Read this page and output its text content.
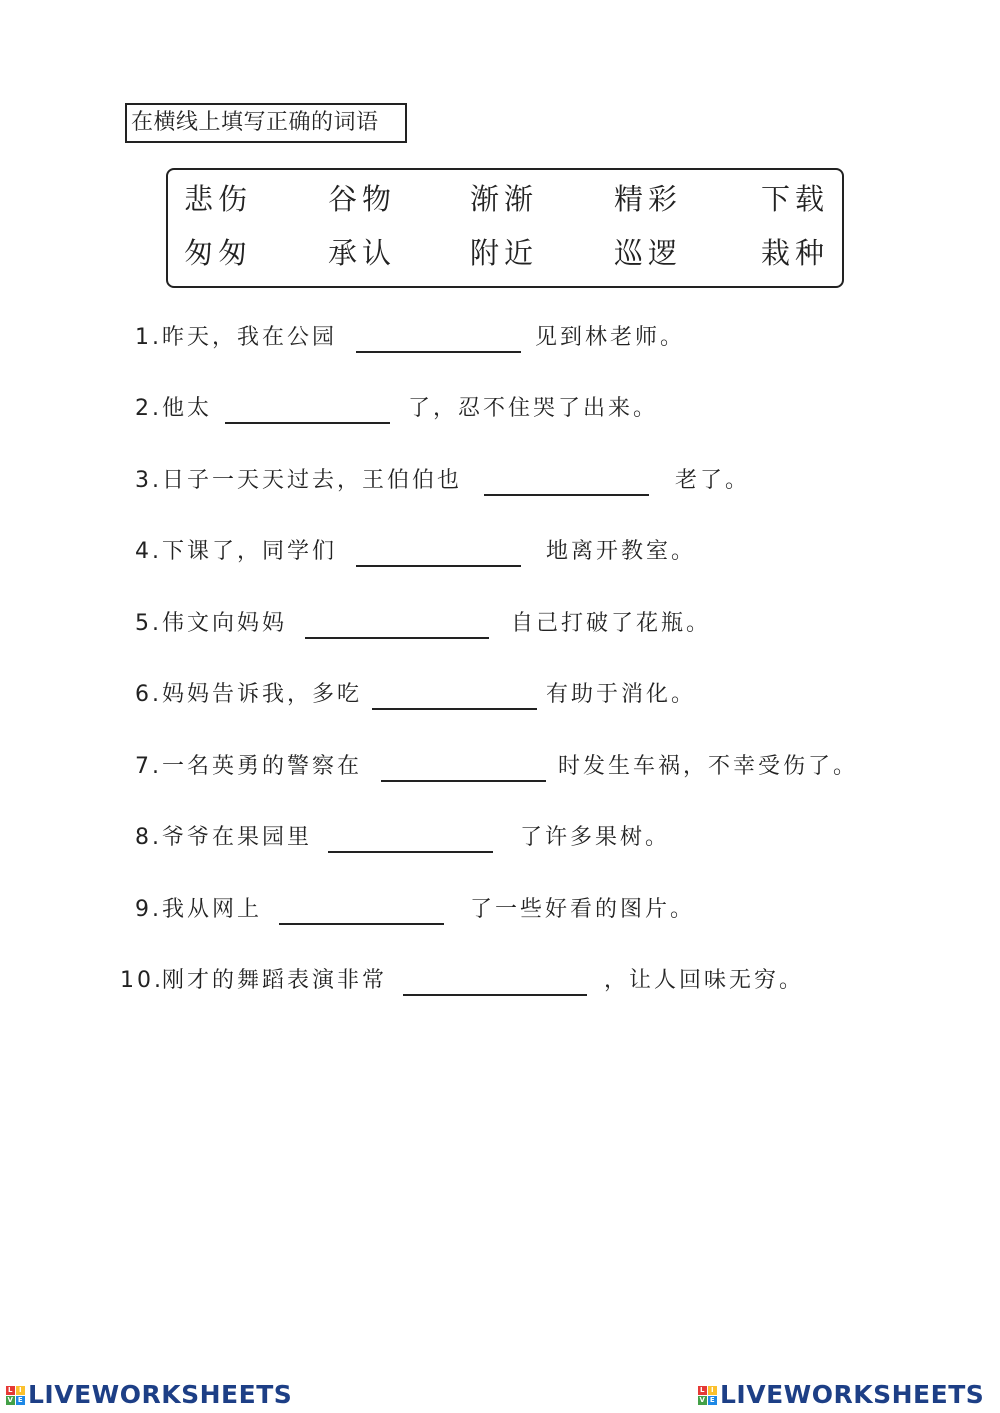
在横线上填写正确的词语
悲伤	谷物	渐渐	精彩	下载
匆匆	承认	附近	巡逻	栽种
1. 昨天，我在公园	见到林老师。
2. 他太	了，忍不住哭了出来。
3. 日子一天天过去，王伯伯也	老了。
4. 下课了，同学们	地离开教室。
5. 伟文向妈妈	自己打破了花瓶。
6. 妈妈告诉我，多吃	有助于消化。
7. 一名英勇的警察在	时发生车祸，不幸受伤了。
8. 爷爷在果园里	了许多果树。
9. 我从网上	了一些好看的图片。
10.
刚才的舞蹈表演非常	，让人回味无穷。
L I
V E LIVEWORKSHEETS	L I
V E LIVEWORKSHEETS
